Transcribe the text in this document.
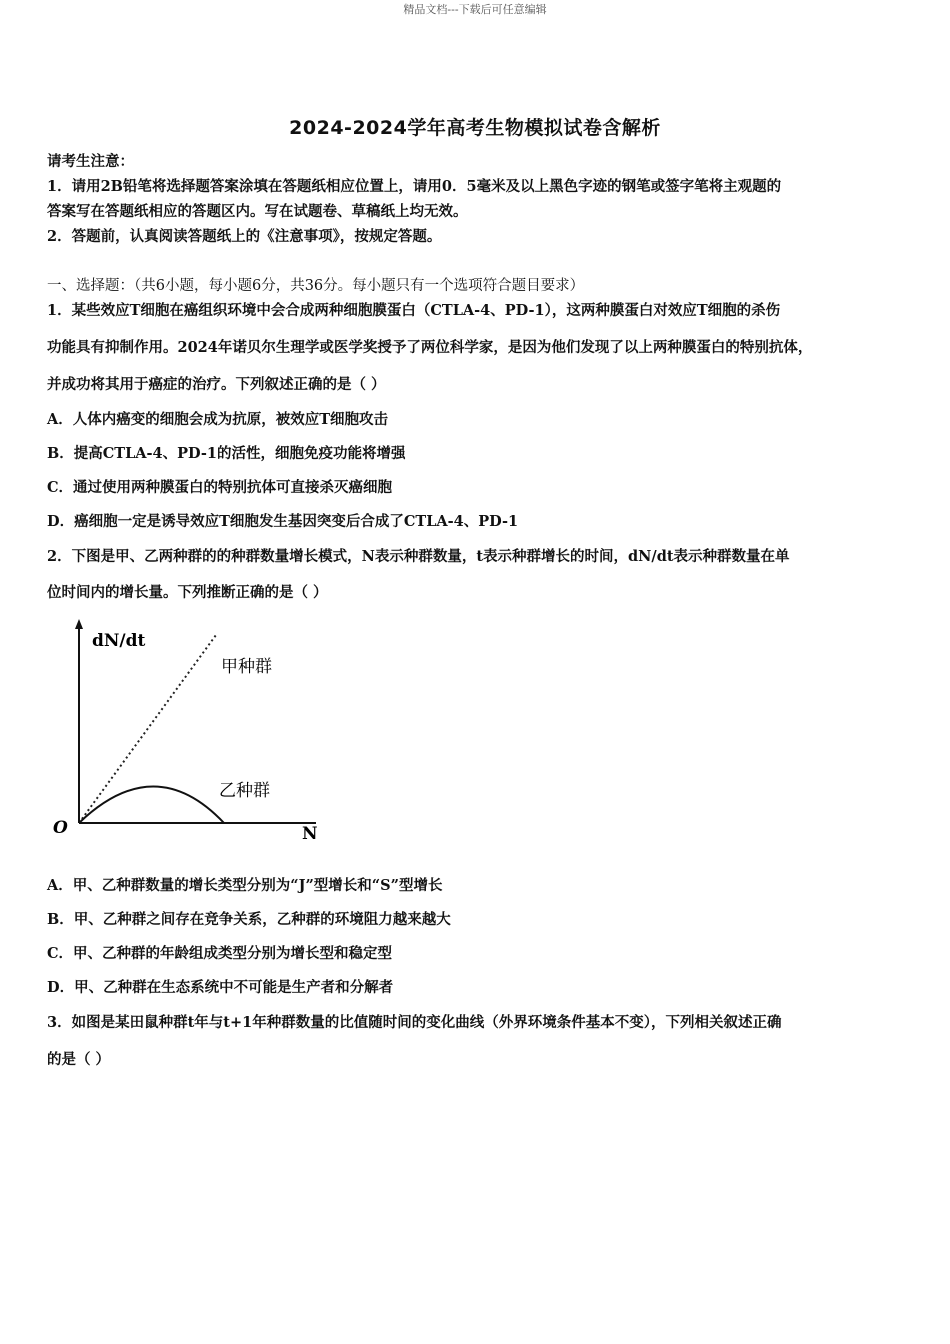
精品文档---下载后可任意编辑
2024-2024学年高考生物模拟试卷含解析
请考生注意：
1．请用2B铅笔将选择题答案涂填在答题纸相应位置上，请用0．5毫米及以上黑色字迹的钢笔或签字笔将主观题的
答案写在答题纸相应的答题区内。写在试题卷、草稿纸上均无效。
2．答题前，认真阅读答题纸上的《注意事项》，按规定答题。
一、选择题：（共6小题，每小题6分，共36分。每小题只有一个选项符合题目要求）
1．某些效应T细胞在癌组织环境中会合成两种细胞膜蛋白（CTLA-4、PD-1），这两种膜蛋白对效应T细胞的杀伤
功能具有抑制作用。2024年诺贝尔生理学或医学奖授予了两位科学家，是因为他们发现了以上两种膜蛋白的特别抗体，
并成功将其用于癌症的治疗。下列叙述正确的是（ ）
A．人体内癌变的细胞会成为抗原，被效应T细胞攻击
B．提高CTLA-4、PD-1的活性，细胞免疫功能将增强
C．通过使用两种膜蛋白的特别抗体可直接杀灭癌细胞
D．癌细胞一定是诱导效应T细胞发生基因突变后合成了CTLA-4、PD-1
2．下图是甲、乙两种群的的种群数量增长模式，N表示种群数量，t表示种群增长的时间，dN/dt表示种群数量在单
位时间内的增长量。下列推断正确的是（ ）
dN/dt
甲种群
乙种群
O	N
A．甲、乙种群数量的增长类型分别为“J”型增长和“S”型增长
B．甲、乙种群之间存在竞争关系，乙种群的环境阻力越来越大
C．甲、乙种群的年龄组成类型分别为增长型和稳定型
D．甲、乙种群在生态系统中不可能是生产者和分解者
3．如图是某田鼠种群t年与t+1年种群数量的比值随时间的变化曲线（外界环境条件基本不变），下列相关叙述正确
的是（ ）
